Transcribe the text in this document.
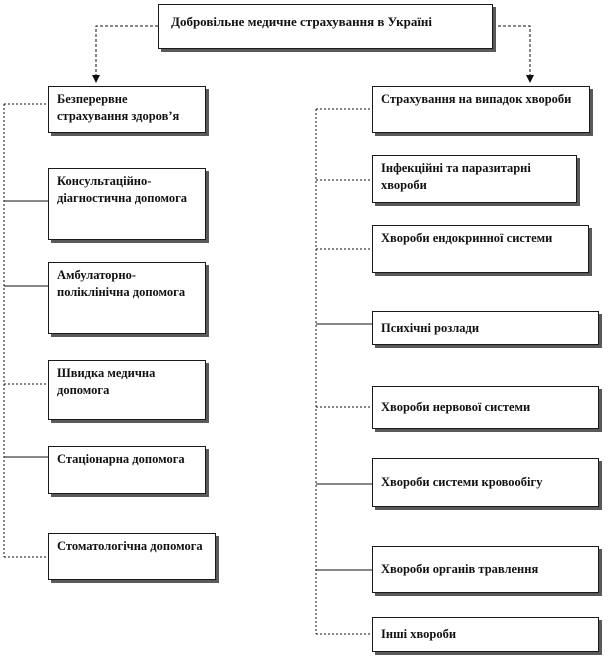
Добровільне медичне страхування в Україні
Безперервне страхування здоров’я
Консультаційно-діагностична допомога
Амбулаторно-поліклінічна допомога
Швидка медична допомога
Стаціонарна допомога
Стоматологічна допомога
Страхування на випадок хвороби
Інфекційні та паразитарні хвороби
Хвороби ендокринної системи
Психічні розлади
Хвороби нервової системи
Хвороби системи кровообігу
Хвороби органів травлення
Інші хвороби
